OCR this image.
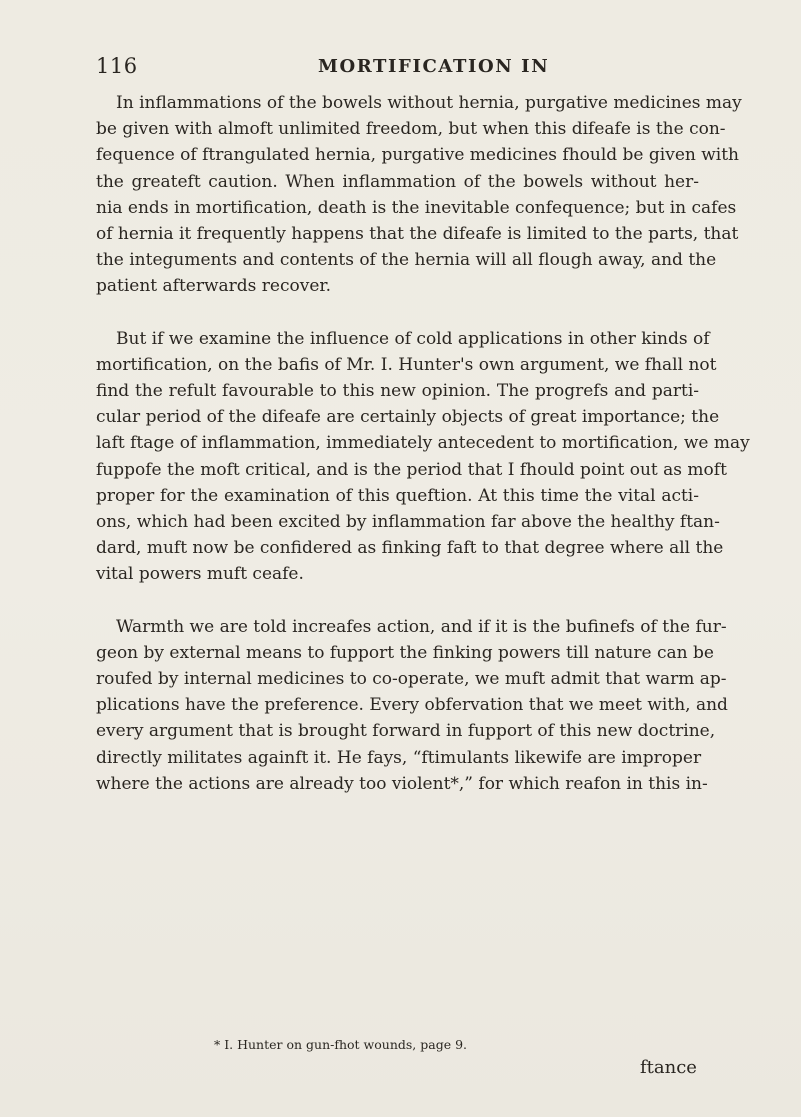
116	MORTIFICATION IN

In inflammations of the bowels without hernia, purgative medicines may
be given with almoft unlimited freedom, but when this difeafe is the con-
fequence of ftrangulated hernia, purgative medicines fhould be given with
the greateft caution. When inflammation of the bowels without her-
nia ends in mortification, death is the inevitable confequence; but in cafes
of hernia it frequently happens that the difeafe is limited to the parts, that
the integuments and contents of the hernia will all flough away, and the
patient afterwards recover.

But if we examine the influence of cold applications in other kinds of
mortification, on the bafis of Mr. I. Hunter's own argument, we fhall not
find the refult favourable to this new opinion. The progrefs and parti-
cular period of the difeafe are certainly objects of great importance; the
laft ftage of inflammation, immediately antecedent to mortification, we may
fuppofe the moft critical, and is the period that I fhould point out as moft
proper for the examination of this queftion. At this time the vital acti-
ons, which had been excited by inflammation far above the healthy ftan-
dard, muft now be confidered as finking faft to that degree where all the
vital powers muft ceafe.

Warmth we are told increafes action, and if it is the bufinefs of the fur-
geon by external means to fupport the finking powers till nature can be
roufed by internal medicines to co-operate, we muft admit that warm ap-
plications have the preference. Every obfervation that we meet with, and
every argument that is brought forward in fupport of this new doctrine,
directly militates againft it. He fays, “ftimulants likewife are improper
where the actions are already too violent*,” for which reafon in this in-

* I. Hunter on gun-fhot wounds, page 9.
ftance
